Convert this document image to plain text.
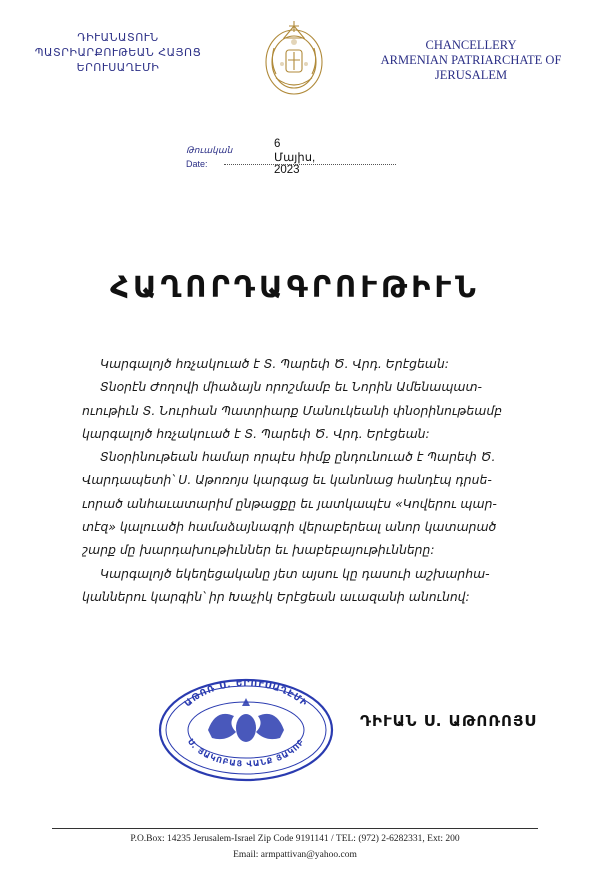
ԴԻՒԱՆԱՏՈՒՆ
ՊԱՏՐԻԱՐՔՈՒԹԵԱՆ ՀԱՅՈՑ
ԵՐՈՒՍԱՂԷՄԻ
CHANCELLERY
ARMENIAN PATRIARCHATE OF
JERUSALEM
Թուական	6 Մայիս, 2023
Date:
ՀԱՂՈՐԴԱԳՐՈՒԹԻՒՆ
Կարգալոյծ հռչակուած է Տ. Պարեփ Ծ. Վրդ. Երէցեան:
Տնօրէն Ժողովի միաձայն որոշմամբ եւ Նորին Ամենապատ-
ուութիւն Տ. Նուրհան Պատրիարք Մանուկեանի փնօրինութեամբ
կարգալոյծ հռչակուած է Տ. Պարեփ Ծ. Վրդ. Երէցեան:
Տնօրինութեան համար որպէս հիմք ընդունուած է Պարեփ Ծ.
Վարդապետի՝ Ս. Աթոռոյս կարգաց եւ կանոնաց հանդէպ դրսե-
ւորած անհաւատարիմ ընթացքը եւ յատկապէս «Կովերու պար-
տէզ» կալուածի համաձայնագրի վերաբերեալ անոր կատարած
շարք մը խարդախութիւններ եւ խաբեբայութիւնները:
Կարգալոյծ եկեղեցականը յետ այսու կը դասուի աշխարհա-
կաններու կարգին՝ իր Խաչիկ Երէցեան աւազանի անունով:
ԱԹՈՌ Ս. ԵՐՈՒՍԱՂԷՄԻ
Ս. ՅԱԿՈԲԱՅ ՎԱՆՔ ՅԱԿՈԲ
ԴԻՒԱՆ Ս. ԱԹՈՌՈՅՍ
P.O.Box: 14235 Jerusalem-Israel Zip Code 9191141 / TEL: (972) 2-6282331, Ext: 200
Email: armpattivan@yahoo.com
